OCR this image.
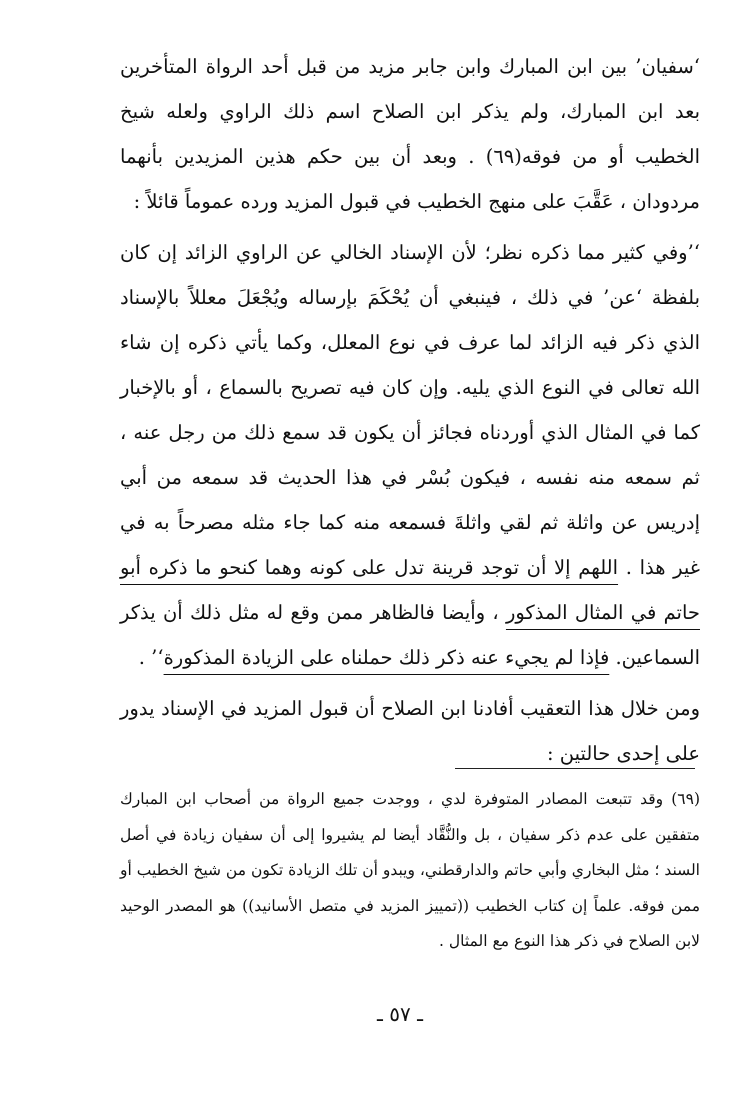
‘سفيان’ بين ابن المبارك وابن جابر مزيد من قبل أحد الرواة المتأخرين بعد ابن المبارك، ولم يذكر ابن الصلاح اسم ذلك الراوي ولعله شيخ الخطيب أو من فوقه(٦٩) . وبعد أن بين حكم هذين المزيدين بأنهما مردودان ، عَقَّبَ على منهج الخطيب في قبول المزيد ورده عموماً قائلاً :

‘’وفي كثير مما ذكره نظر؛ لأن الإسناد الخالي عن الراوي الزائد إن كان بلفظة ‘عن’ في ذلك ، فينبغي أن يُحْكَمَ بإرساله ويُجْعَلَ معللاً بالإسناد الذي ذكر فيه الزائد لما عرف في نوع المعلل، وكما يأتي ذكره إن شاء الله تعالى في النوع الذي يليه. وإن كان فيه تصريح بالسماع ، أو بالإخبار كما في المثال الذي أوردناه فجائز أن يكون قد سمع ذلك من رجل عنه ، ثم سمعه منه نفسه ، فيكون بُسْر في هذا الحديث قد سمعه من أبي إدريس عن واثلة ثم لقي واثلةَ فسمعه منه كما جاء مثله مصرحاً به في غير هذا . اللهم إلا أن توجد قرينة تدل على كونه وهما كنحو ما ذكره أبو حاتم في المثال المذكور ، وأيضا فالظاهر ممن وقع له مثل ذلك أن يذكر السماعين. فإذا لم يجيء عنه ذكر ذلك حملناه على الزيادة المذكورة‘’ .

ومن خلال هذا التعقيب أفادنا ابن الصلاح أن قبول المزيد في الإسناد يدور على إحدى حالتين :

(٦٩) وقد تتبعت المصادر المتوفرة لدي ، ووجدت جميع الرواة من أصحاب ابن المبارك متفقين على عدم ذكر سفيان ، بل والنُّقَّاد أيضا لم يشيروا إلى أن سفيان زيادة في أصل السند ؛ مثل البخاري وأبي حاتم والدارقطني، ويبدو أن تلك الزيادة تكون من شيخ الخطيب أو ممن فوقه. علماً إن كتاب الخطيب ((تمييز المزيد في متصل الأسانيد)) هو المصدر الوحيد لابن الصلاح في ذكر هذا النوع مع المثال .

ـ ٥٧ ـ
